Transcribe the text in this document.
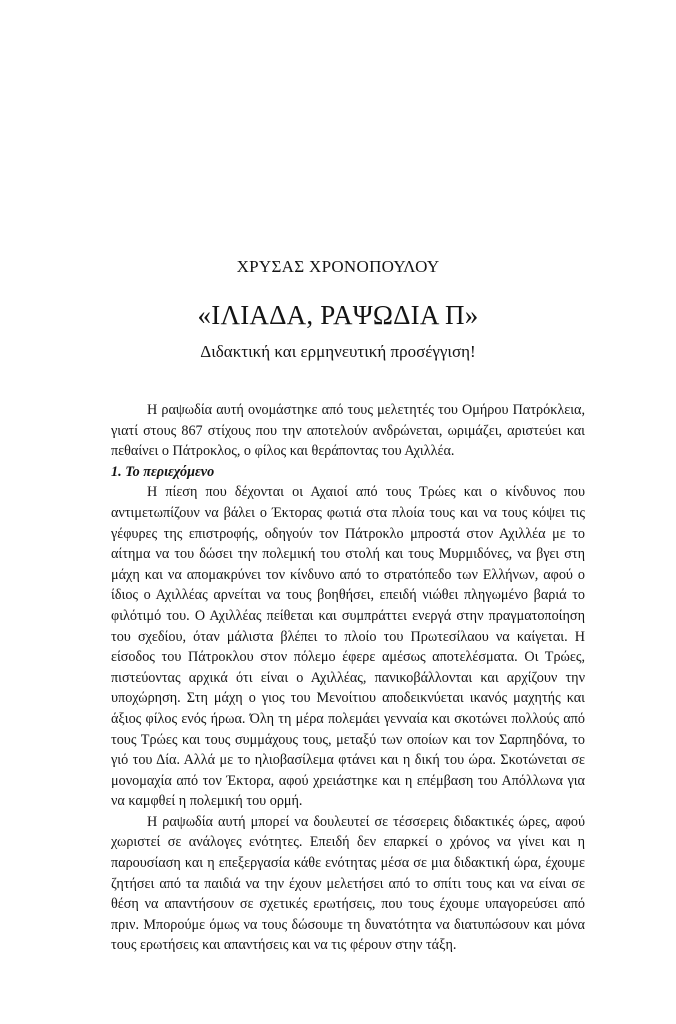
ΧΡΥΣΑΣ ΧΡΟΝΟΠΟΥΛΟΥ
«ΙΛΙΑΔΑ, ΡΑΨΩΔΙΑ Π»
Διδακτική και ερμηνευτική προσέγγιση!

Η ραψωδία αυτή ονομάστηκε από τους μελετητές του Ομήρου Πατρόκλεια, γιατί στους 867 στίχους που την αποτελούν ανδρώνεται, ωριμάζει, αριστεύει και πεθαίνει ο Πάτροκλος, ο φίλος και θεράποντας του Αχιλλέα.

1. Το περιεχόμενο

Η πίεση που δέχονται οι Αχαιοί από τους Τρώες και ο κίνδυνος που αντιμετωπίζουν να βάλει ο Έκτορας φωτιά στα πλοία τους και να τους κόψει τις γέφυρες της επιστροφής, οδηγούν τον Πάτροκλο μπροστά στον Αχιλλέα με το αίτημα να του δώσει την πολεμική του στολή και τους Μυρμιδόνες, να βγει στη μάχη και να απομακρύνει τον κίνδυνο από το στρατόπεδο των Ελλήνων, αφού ο ίδιος ο Αχιλλέας αρνείται να τους βοηθήσει, επειδή νιώθει πληγωμένο βαριά το φιλότιμό του. Ο Αχιλλέας πείθεται και συμπράττει ενεργά στην πραγματοποίηση του σχεδίου, όταν μάλιστα βλέπει το πλοίο του Πρωτεσίλαου να καίγεται. Η είσοδος του Πάτροκλου στον πόλεμο έφερε αμέσως αποτελέσματα. Οι Τρώες, πιστεύοντας αρχικά ότι είναι ο Αχιλλέας, πανικοβάλλονται και αρχίζουν την υποχώρηση. Στη μάχη ο γιος του Μενοίτιου αποδεικνύεται ικανός μαχητής και άξιος φίλος ενός ήρωα. Όλη τη μέρα πολεμάει γενναία και σκοτώνει πολλούς από τους Τρώες και τους συμμάχους τους, μεταξύ των οποίων και τον Σαρπηδόνα, το γιό του Δία. Αλλά με το ηλιοβασίλεμα φτάνει και η δική του ώρα. Σκοτώνεται σε μονομαχία από τον Έκτορα, αφού χρειάστηκε και η επέμβαση του Απόλλωνα για να καμφθεί η πολεμική του ορμή.

Η ραψωδία αυτή μπορεί να δουλευτεί σε τέσσερεις διδακτικές ώρες, αφού χωριστεί σε ανάλογες ενότητες. Επειδή δεν επαρκεί ο χρόνος να γίνει και η παρουσίαση και η επεξεργασία κάθε ενότητας μέσα σε μια διδακτική ώρα, έχουμε ζητήσει από τα παιδιά να την έχουν μελετήσει από το σπίτι τους και να είναι σε θέση να απαντήσουν σε σχετικές ερωτήσεις, που τους έχουμε υπαγορεύσει από πριν. Μπορούμε όμως να τους δώσουμε τη δυνατότητα να διατυπώσουν και μόνα τους ερωτήσεις και απαντήσεις και να τις φέρουν στην τάξη.
